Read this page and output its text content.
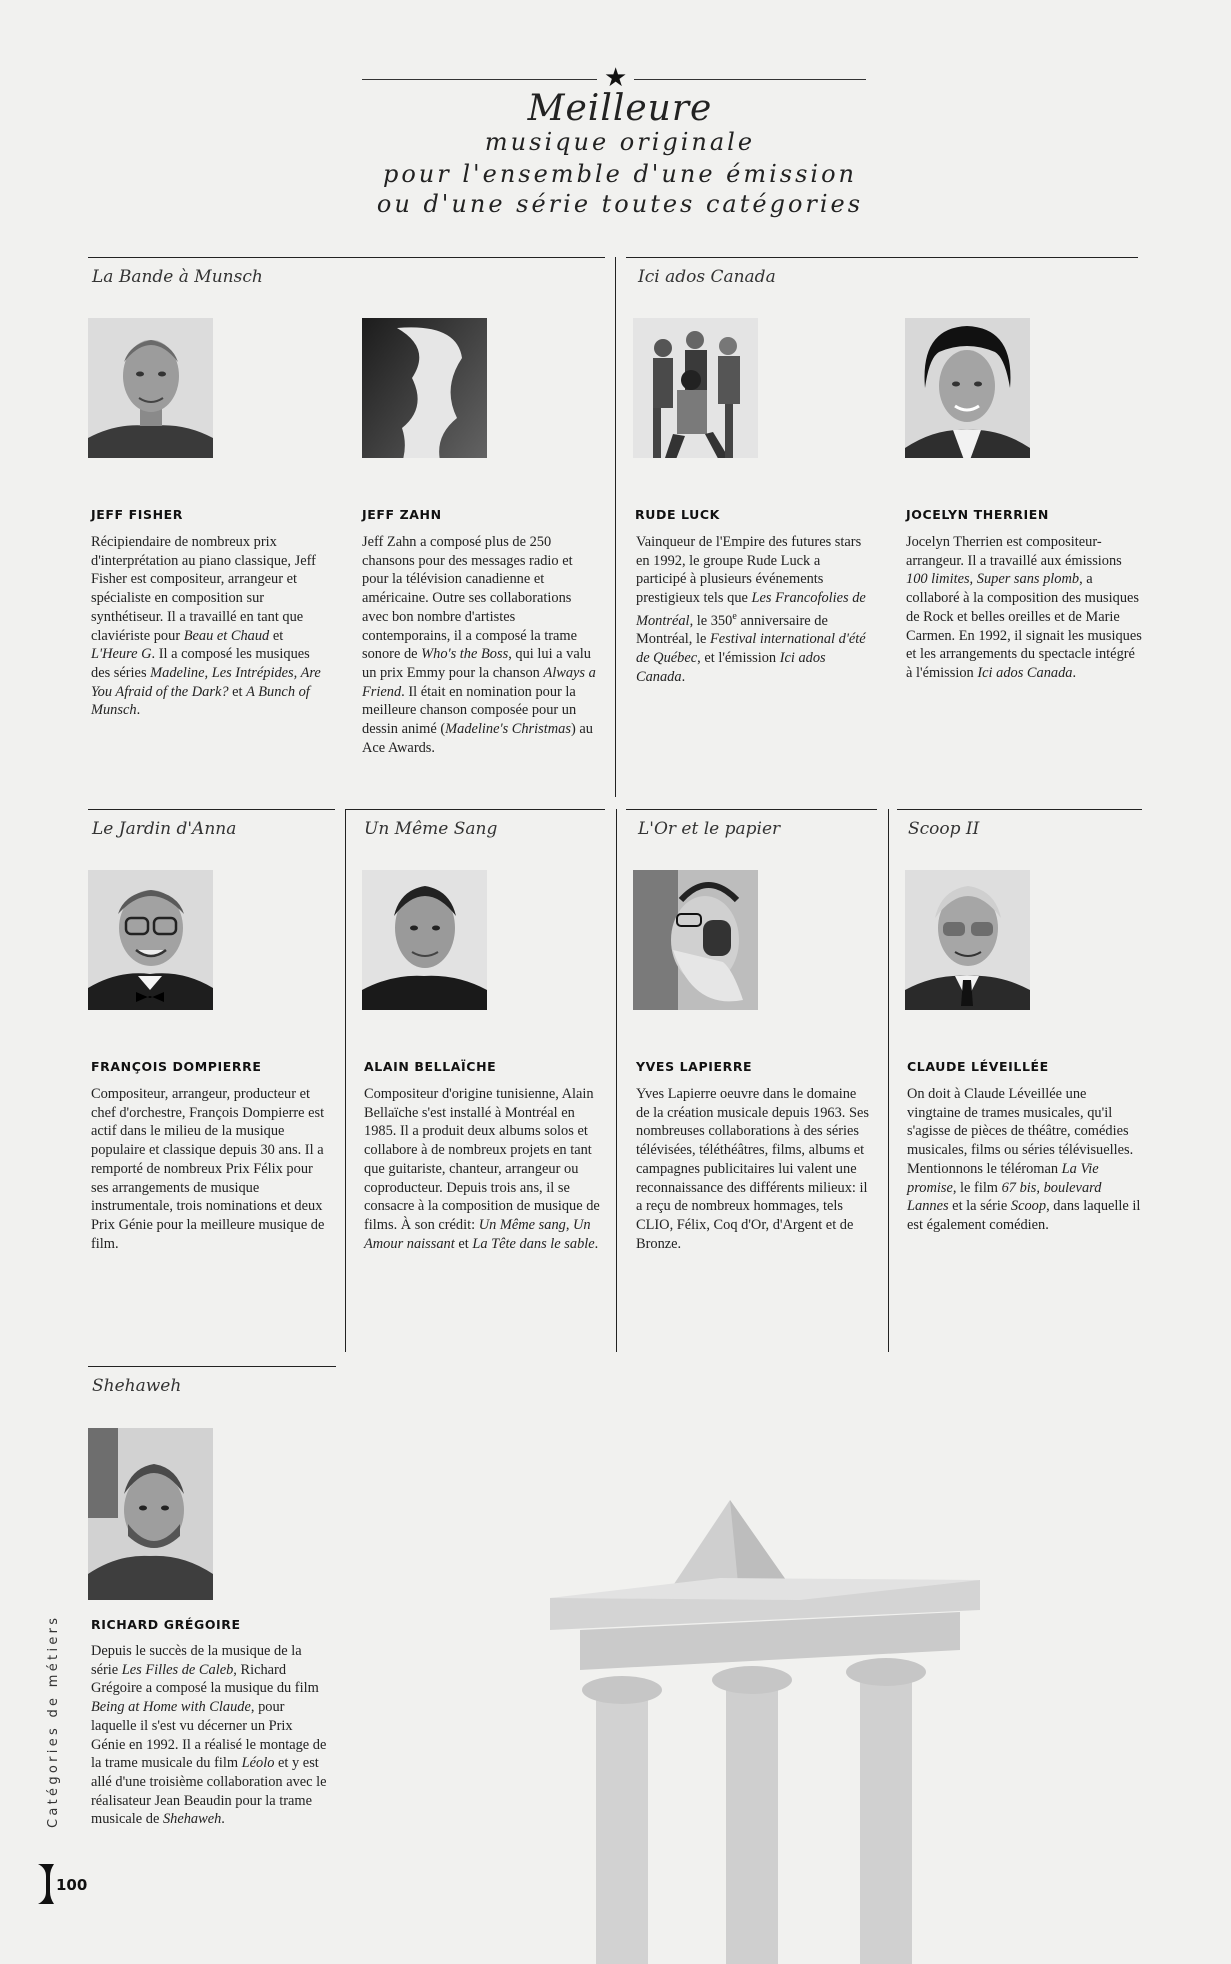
★
Meilleure
musique originale
pour l'ensemble d'une émission
ou d'une série toutes catégories
La Bande à Munsch	Ici ados Canada
Le Jardin d'Anna	Un Même Sang	L'Or et le papier	Scoop II
Shehaweh
JEFF FISHER	JEFF ZAHN	RUDE LUCK	JOCELYN THERRIEN
FRANÇOIS DOMPIERRE	ALAIN BELLAÏCHE	YVES LAPIERRE	CLAUDE LÉVEILLÉE
RICHARD GRÉGOIRE

Récipiendaire de nombreux prix d'interprétation au piano classique, Jeff Fisher est compositeur, arrangeur et spécialiste en composition sur synthétiseur. Il a travaillé en tant que claviériste pour Beau et Chaud et L'Heure G. Il a composé les musiques des séries Madeline, Les Intrépides, Are You Afraid of the Dark? et A Bunch of Munsch.

Jeff Zahn a composé plus de 250 chansons pour des messages radio et pour la télévision canadienne et américaine. Outre ses collaborations avec bon nombre d'artistes contemporains, il a composé la trame sonore de Who's the Boss, qui lui a valu un prix Emmy pour la chanson Always a Friend. Il était en nomination pour la meilleure chanson composée pour un dessin animé (Madeline's Christmas) au Ace Awards.

Vainqueur de l'Empire des futures stars en 1992, le groupe Rude Luck a participé à plusieurs événements prestigieux tels que Les Francofolies de Montréal, le 350e anniversaire de Montréal, le Festival international d'été de Québec, et l'émission Ici ados Canada.

Jocelyn Therrien est compositeur-arrangeur. Il a travaillé aux émissions 100 limites, Super sans plomb, a collaboré à la composition des musiques de Rock et belles oreilles et de Marie Carmen. En 1992, il signait les musiques et les arrangements du spectacle intégré à l'émission Ici ados Canada.

Compositeur, arrangeur, producteur et chef d'orchestre, François Dompierre est actif dans le milieu de la musique populaire et classique depuis 30 ans. Il a remporté de nombreux Prix Félix pour ses arrangements de musique instrumentale, trois nominations et deux Prix Génie pour la meilleure musique de film.

Compositeur d'origine tunisienne, Alain Bellaïche s'est installé à Montréal en 1985. Il a produit deux albums solos et collabore à de nombreux projets en tant que guitariste, chanteur, arrangeur ou coproducteur. Depuis trois ans, il se consacre à la composition de musique de films. À son crédit: Un Même sang, Un Amour naissant et La Tête dans le sable.

Yves Lapierre oeuvre dans le domaine de la création musicale depuis 1963. Ses nombreuses collaborations à des séries télévisées, téléthéâtres, films, albums et campagnes publicitaires lui valent une reconnaissance des différents milieux: il a reçu de nombreux hommages, tels CLIO, Félix, Coq d'Or, d'Argent et de Bronze.

On doit à Claude Léveillée une vingtaine de trames musicales, qu'il s'agisse de pièces de théâtre, comédies musicales, films ou séries télévisuelles. Mentionnons le téléroman La Vie promise, le film 67 bis, boulevard Lannes et la série Scoop, dans laquelle il est également comédien.

Depuis le succès de la musique de la série Les Filles de Caleb, Richard Grégoire a composé la musique du film Being at Home with Claude, pour laquelle il s'est vu décerner un Prix Génie en 1992. Il a réalisé le montage de la trame musicale du film Léolo et y est allé d'une troisième collaboration avec le réalisateur Jean Beaudin pour la trame musicale de Shehaweh.

Catégories de métiers
100
